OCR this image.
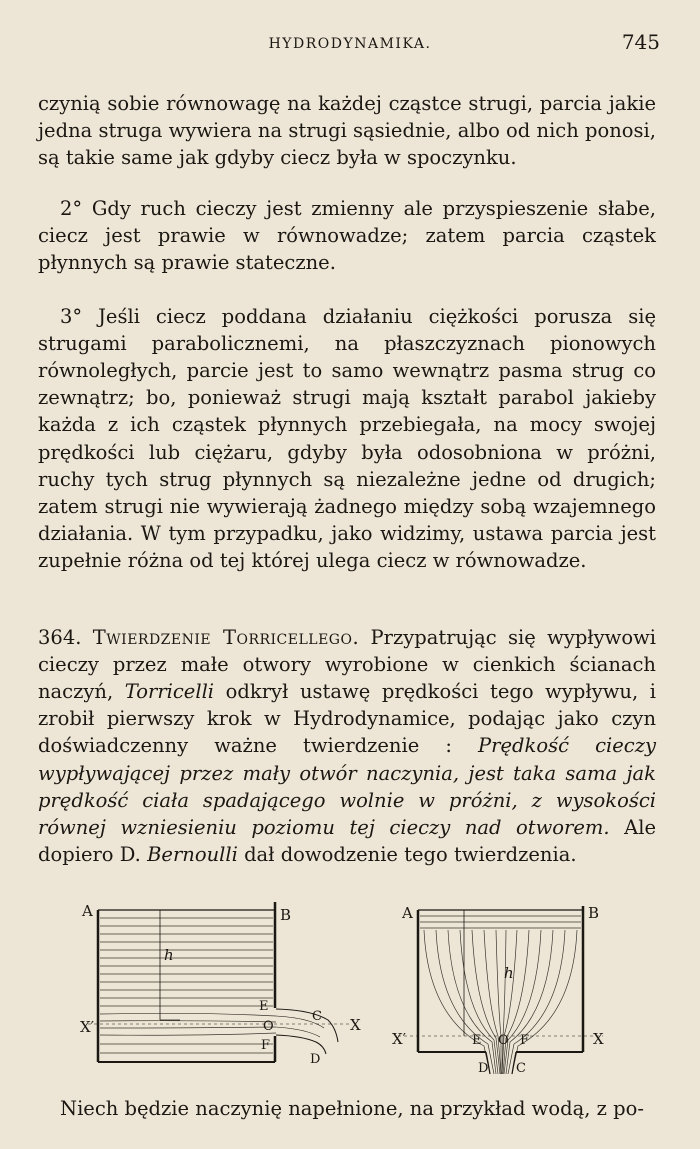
HYDRODYNAMIKA.	745

czynią sobie równowagę na każdej cząstce strugi, parcia jakie jedna struga wywiera na strugi sąsiednie, albo od nich ponosi, są takie same jak gdyby ciecz była w spoczynku.

2° Gdy ruch cieczy jest zmienny ale przyspieszenie słabe, ciecz jest prawie w równowadze; zatem parcia cząstek płynnych są prawie stateczne.

3° Jeśli ciecz poddana działaniu ciężkości porusza się strugami parabolicznemi, na płaszczyznach pionowych równoległych, parcie jest to samo wewnątrz pasma strug co zewnątrz; bo, ponieważ strugi mają kształt parabol jakieby każda z ich cząstek płynnych przebiegała, na mocy swojej prędkości lub ciężaru, gdyby była odosobniona w próżni, ruchy tych strug płynnych są niezależne jedne od drugich; zatem strugi nie wywierają żadnego między sobą wzajemnego działania. W tym przypadku, jako widzimy, ustawa parcia jest zupełnie różna od tej której ulega ciecz w równowadze.

364. Twierdzenie Torricellego. Przypatrując się wypływowi cieczy przez małe otwory wyrobione w cienkich ścianach naczyń, Torricelli odkrył ustawę prędkości tego wypływu, i zrobił pierwszy krok w Hydrodynamice, podając jako czyn doświadczenny ważne twierdzenie : Prędkość cieczy wypływającej przez mały otwór naczynia, jest taka sama jak prędkość ciała spadającego wolnie w próżni, z wysokości równej wzniesieniu poziomu tej cieczy nad otworem. Ale dopiero D. Bernoulli dał dowodzenie tego twierdzenia.

A	B
h
E
C
X′	O	X
F
D
A	B
h
X′	E O F	X
D C

Niech będzie naczynię napełnione, na przykład wodą, z po-
